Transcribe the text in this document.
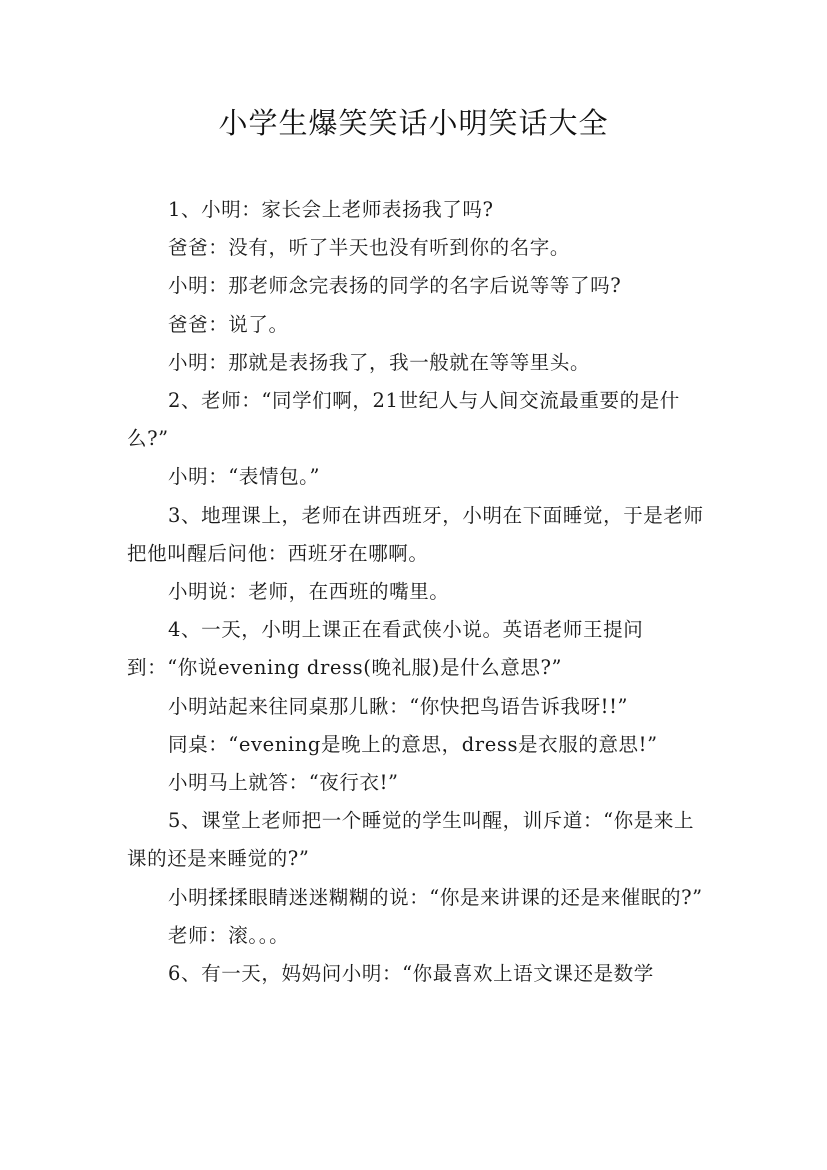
小学生爆笑笑话小明笑话大全

1、小明：家长会上老师表扬我了吗?

爸爸：没有，听了半天也没有听到你的名字。

小明：那老师念完表扬的同学的名字后说等等了吗?

爸爸：说了。

小明：那就是表扬我了，我一般就在等等里头。

2、老师：“同学们啊，21世纪人与人间交流最重要的是什么?”

小明：“表情包。”

3、地理课上，老师在讲西班牙，小明在下面睡觉，于是老师把他叫醒后问他：西班牙在哪啊。

小明说：老师，在西班的嘴里。

4、一天，小明上课正在看武侠小说。英语老师王提问到：“你说evening dress(晚礼服)是什么意思?”

小明站起来往同桌那儿瞅：“你快把鸟语告诉我呀!!”

同桌：“evening是晚上的意思，dress是衣服的意思!”

小明马上就答：“夜行衣!”

5、课堂上老师把一个睡觉的学生叫醒，训斥道：“你是来上课的还是来睡觉的?”

小明揉揉眼睛迷迷糊糊的说：“你是来讲课的还是来催眠的?”

老师：滚。。。

6、有一天，妈妈问小明：“你最喜欢上语文课还是数学
